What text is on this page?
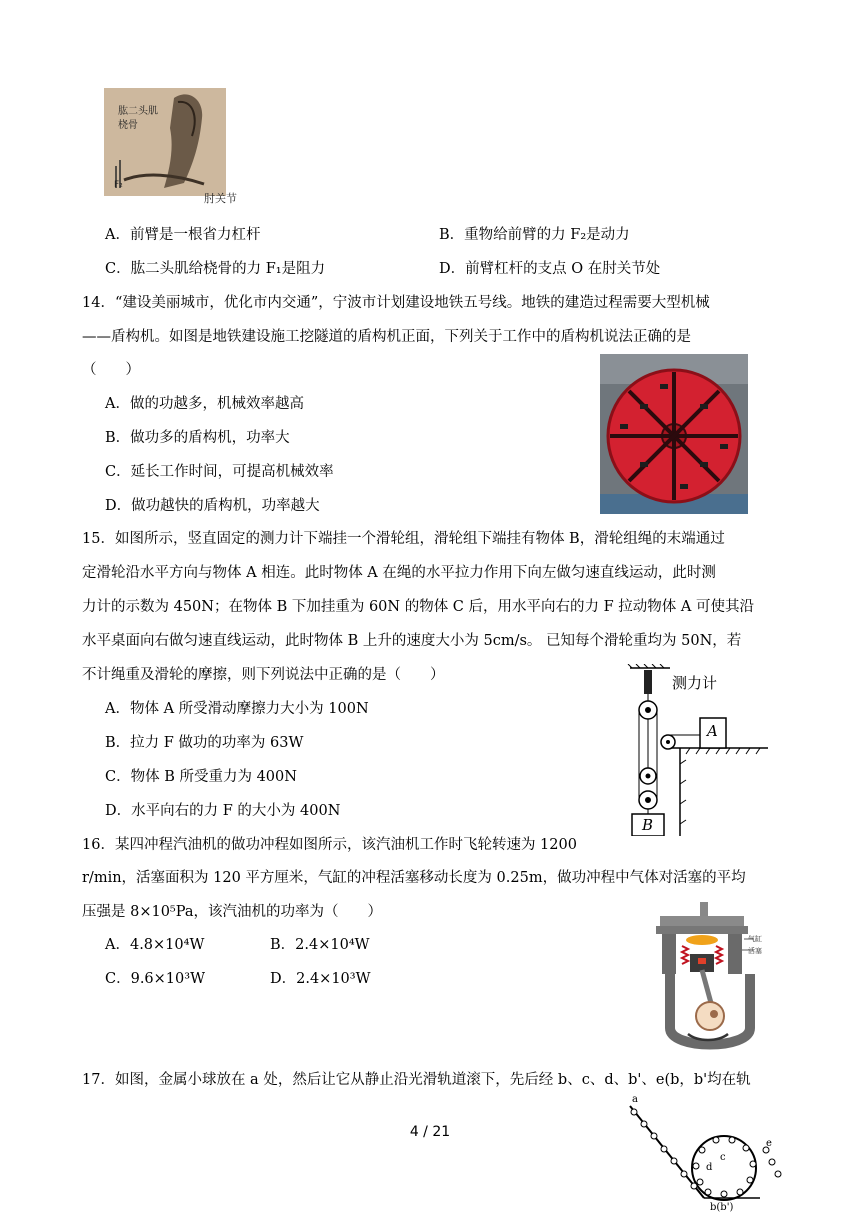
肱二头肌
桡骨
F₂
肘关节
A．前臂是一根省力杠杆	B．重物给前臂的力 F₂是动力
C．肱二头肌给桡骨的力 F₁是阻力	D．前臂杠杆的支点 O 在肘关节处
14．“建设美丽城市，优化市内交通”，宁波市计划建设地铁五号线。地铁的建造过程需要大型机械
——盾构机。如图是地铁建设施工挖隧道的盾构机正面，下列关于工作中的盾构机说法正确的是
（　　）
A．做的功越多，机械效率越高
B．做功多的盾构机，功率大
C．延长工作时间，可提高机械效率
D．做功越快的盾构机，功率越大
15．如图所示，竖直固定的测力计下端挂一个滑轮组，滑轮组下端挂有物体 B，滑轮组绳的末端通过
定滑轮沿水平方向与物体 A 相连。此时物体 A 在绳的水平拉力作用下向左做匀速直线运动，此时测
力计的示数为 450N；在物体 B 下加挂重为 60N 的物体 C 后，用水平向右的力 F 拉动物体 A 可使其沿
水平桌面向右做匀速直线运动，此时物体 B 上升的速度大小为 5cm/s。 已知每个滑轮重均为 50N，若
不计绳重及滑轮的摩擦，则下列说法中正确的是（　　）
A．物体 A 所受滑动摩擦力大小为 100N
B．拉力 F 做功的功率为 63W
C．物体 B 所受重力为 400N
D．水平向右的力 F 的大小为 400N
测力计
A
B
16．某四冲程汽油机的做功冲程如图所示，该汽油机工作时飞轮转速为 1200
r/min，活塞面积为 120 平方厘米，气缸的冲程活塞移动长度为 0.25m，做功冲程中气体对活塞的平均
压强是 8×10⁵Pa，该汽油机的功率为（　　）
A．4.8×10⁴W	B．2.4×10⁴W
C．9.6×10³W	D．2.4×10³W
气缸
活塞
17．如图，金属小球放在 a 处，然后让它从静止沿光滑轨道滚下，先后经 b、c、d、b'、e(b，b'均在轨
a
c
d
e
b(b')
4 / 21
